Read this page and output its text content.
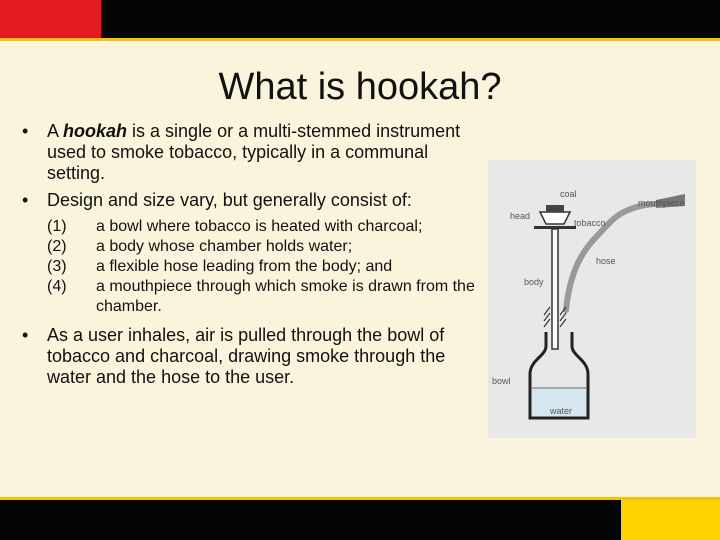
What is hookah?

• A hookah is a single or a multi-stemmed instrument used to smoke tobacco, typically in a communal setting.

• Design and size vary, but generally consist of:

(1) a bowl where tobacco is heated with charcoal;
(2) a body whose chamber holds water;
(3) a flexible hose leading from the body; and
(4) a mouthpiece through which smoke is drawn from the chamber.

• As a user inhales, air is pulled through the bowl of tobacco and charcoal, drawing smoke through the water and the hose to the user.

coal
head
tobacco
mouthpiece
hose
body
bowl
water
